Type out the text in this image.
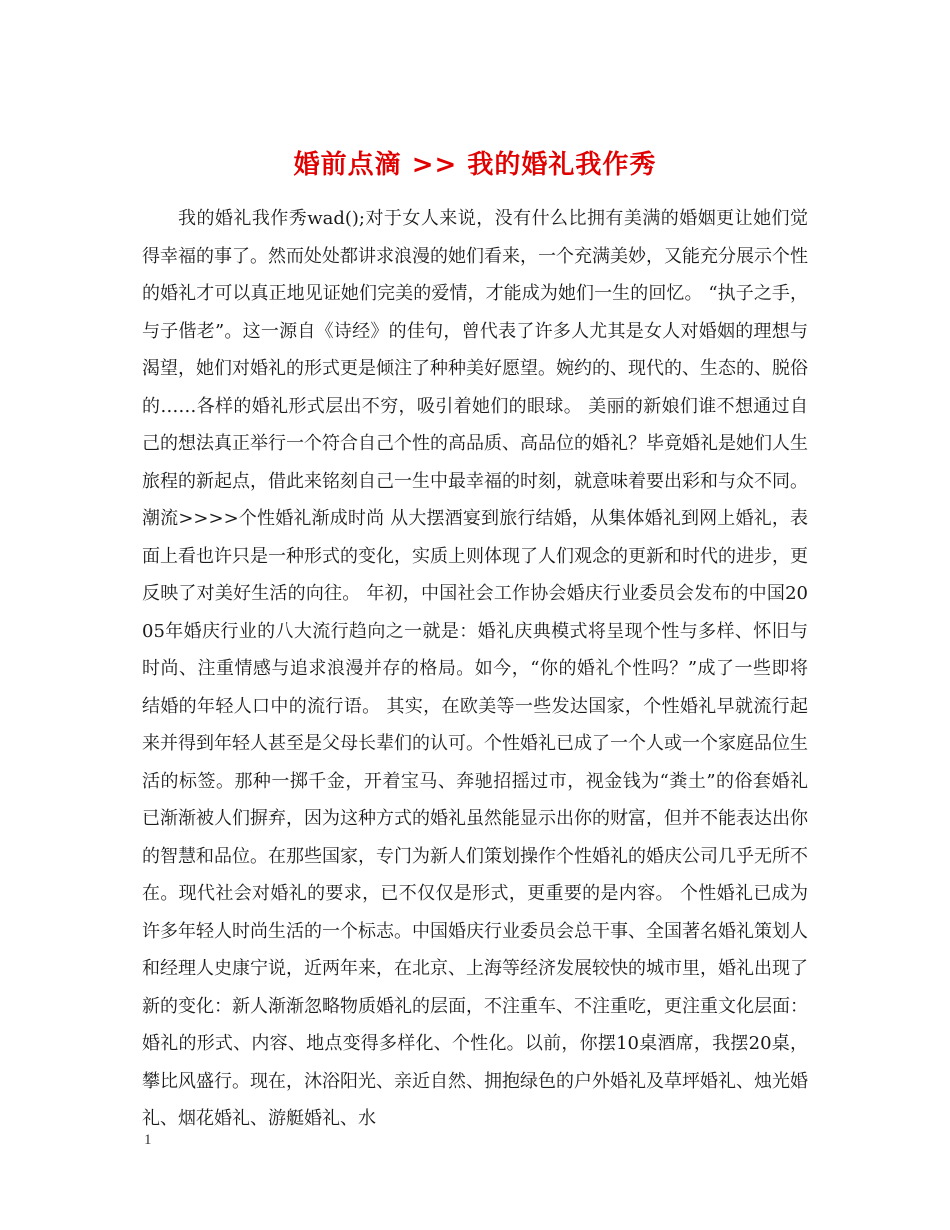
婚前点滴 >> 我的婚礼我作秀

我的婚礼我作秀wad();对于女人来说，没有什么比拥有美满的婚姻更让她们觉得幸福的事了。然而处处都讲求浪漫的她们看来，一个充满美妙，又能充分展示个性的婚礼才可以真正地见证她们完美的爱情，才能成为她们一生的回忆。 “执子之手，与子偕老”。这一源自《诗经》的佳句，曾代表了许多人尤其是女人对婚姻的理想与渴望，她们对婚礼的形式更是倾注了种种美好愿望。婉约的、现代的、生态的、脱俗的……各样的婚礼形式层出不穷，吸引着她们的眼球。 美丽的新娘们谁不想通过自己的想法真正举行一个符合自己个性的高品质、高品位的婚礼？毕竟婚礼是她们人生旅程的新起点，借此来铭刻自己一生中最幸福的时刻，就意味着要出彩和与众不同。 潮流>>>>个性婚礼渐成时尚 从大摆酒宴到旅行结婚，从集体婚礼到网上婚礼，表面上看也许只是一种形式的变化，实质上则体现了人们观念的更新和时代的进步，更反映了对美好生活的向往。 年初，中国社会工作协会婚庆行业委员会发布的中国2005年婚庆行业的八大流行趋向之一就是：婚礼庆典模式将呈现个性与多样、怀旧与时尚、注重情感与追求浪漫并存的格局。如今，“你的婚礼个性吗？”成了一些即将结婚的年轻人口中的流行语。 其实，在欧美等一些发达国家，个性婚礼早就流行起来并得到年轻人甚至是父母长辈们的认可。个性婚礼已成了一个人或一个家庭品位生活的标签。那种一掷千金，开着宝马、奔驰招摇过市，视金钱为“粪土”的俗套婚礼已渐渐被人们摒弃，因为这种方式的婚礼虽然能显示出你的财富，但并不能表达出你的智慧和品位。在那些国家，专门为新人们策划操作个性婚礼的婚庆公司几乎无所不在。现代社会对婚礼的要求，已不仅仅是形式，更重要的是内容。 个性婚礼已成为许多年轻人时尚生活的一个标志。中国婚庆行业委员会总干事、全国著名婚礼策划人和经理人史康宁说，近两年来，在北京、上海等经济发展较快的城市里，婚礼出现了新的变化：新人渐渐忽略物质婚礼的层面，不注重车、不注重吃，更注重文化层面：婚礼的形式、内容、地点变得多样化、个性化。以前，你摆10桌酒席，我摆20桌，攀比风盛行。现在，沐浴阳光、亲近自然、拥抱绿色的户外婚礼及草坪婚礼、烛光婚礼、烟花婚礼、游艇婚礼、水

1
